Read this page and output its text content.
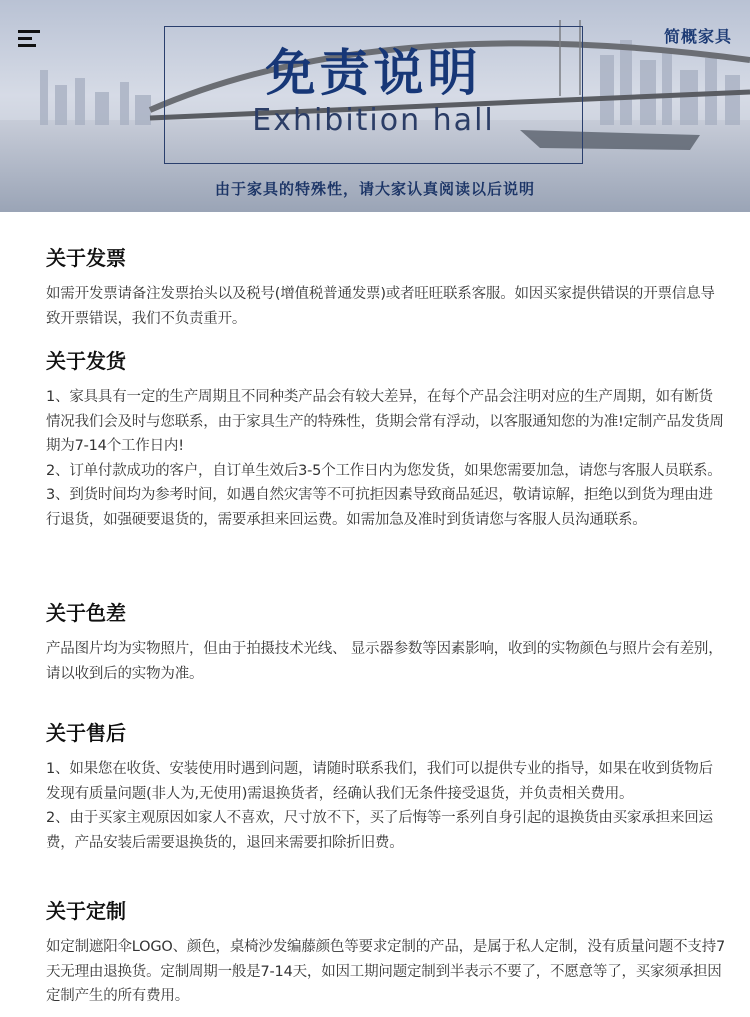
简概家具
免责说明
Exhibition hall
由于家具的特殊性，请大家认真阅读以后说明
关于发票

如需开发票请备注发票抬头以及税号(增值税普通发票)或者旺旺联系客服。如因买家提供错误的开票信息导致开票错误，我们不负责重开。

关于发货

1、家具具有一定的生产周期且不同种类产品会有较大差异，在每个产品会注明对应的生产周期，如有断货情况我们会及时与您联系，由于家具生产的特殊性，货期会常有浮动，以客服通知您的为准!定制产品发货周期为7-14个工作日内!

2、订单付款成功的客户，自订单生效后3-5个工作日内为您发货，如果您需要加急，请您与客服人员联系。

3、到货时间均为参考时间，如遇自然灾害等不可抗拒因素导致商品延迟，敬请谅解，拒绝以到货为理由进行退货，如强硬要退货的，需要承担来回运费。如需加急及准时到货请您与客服人员沟通联系。

关于色差

产品图片均为实物照片，但由于拍摄技术光线、 显示器参数等因素影响，收到的实物颜色与照片会有差别，请以收到后的实物为准。

关于售后

1、如果您在收货、安装使用时遇到问题，请随时联系我们，我们可以提供专业的指导，如果在收到货物后发现有质量问题(非人为,无使用)需退换货者，经确认我们无条件接受退货，并负责相关费用。

2、由于买家主观原因如家人不喜欢，尺寸放不下，买了后悔等一系列自身引起的退换货由买家承担来回运费，产品安装后需要退换货的，退回来需要扣除折旧费。

关于定制

如定制遮阳伞LOGO、颜色，桌椅沙发编藤颜色等要求定制的产品，是属于私人定制，没有质量问题不支持7天无理由退换货。定制周期一般是7-14天，如因工期问题定制到半表示不要了，不愿意等了，买家须承担因定制产生的所有费用。
